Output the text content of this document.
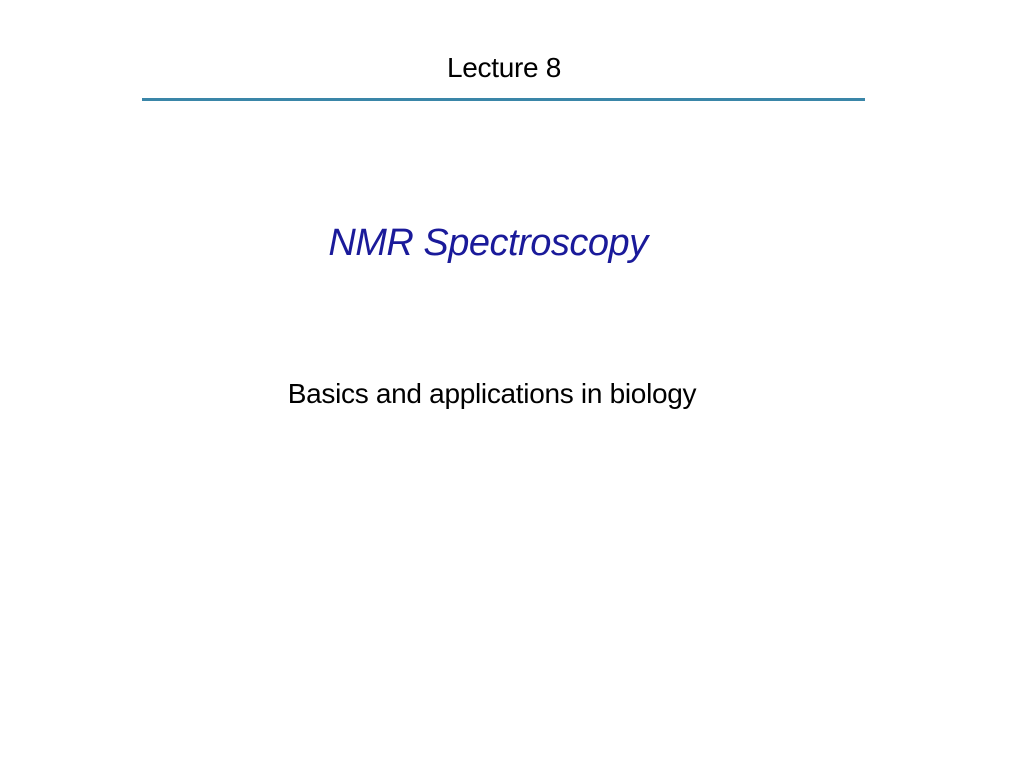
Lecture 8
NMR Spectroscopy
Basics and applications in biology
